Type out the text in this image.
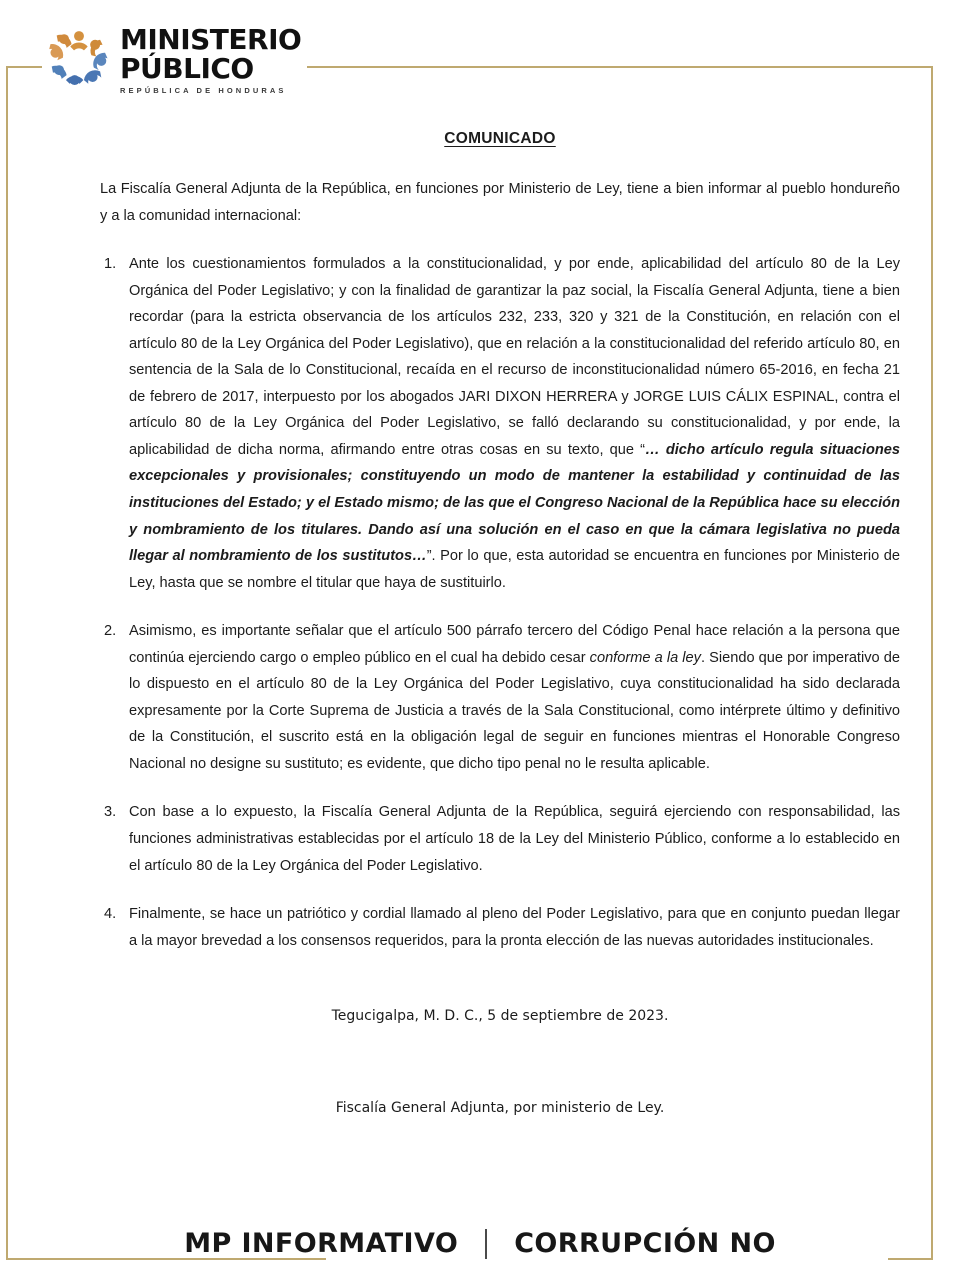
MINISTERIO
PÚBLICO
REPÚBLICA DE HONDURAS
COMUNICADO

La Fiscalía General Adjunta de la República, en funciones por Ministerio de Ley, tiene a bien informar al pueblo hondureño y a la comunidad internacional:

Ante los cuestionamientos formulados a la constitucionalidad, y por ende, aplicabilidad del artículo 80 de la Ley Orgánica del Poder Legislativo; y con la finalidad de garantizar la paz social, la Fiscalía General Adjunta, tiene a bien recordar (para la estricta observancia de los artículos 232, 233, 320 y 321 de la Constitución, en relación con el artículo 80 de la Ley Orgánica del Poder Legislativo), que en relación a la constitucionalidad del referido artículo 80, en sentencia de la Sala de lo Constitucional, recaída en el recurso de inconstitucionalidad número 65-2016, en fecha 21 de febrero de 2017, interpuesto por los abogados JARI DIXON HERRERA y JORGE LUIS CÁLIX ESPINAL, contra el artículo 80 de la Ley Orgánica del Poder Legislativo, se falló declarando su constitucionalidad, y por ende, la aplicabilidad de dicha norma, afirmando entre otras cosas en su texto, que “… dicho artículo regula situaciones excepcionales y provisionales; constituyendo un modo de mantener la estabilidad y continuidad de las instituciones del Estado; y el Estado mismo; de las que el Congreso Nacional de la República hace su elección y nombramiento de los titulares. Dando así una solución en el caso en que la cámara legislativa no pueda llegar al nombramiento de los sustitutos…”. Por lo que, esta autoridad se encuentra en funciones por Ministerio de Ley, hasta que se nombre el titular que haya de sustituirlo.
Asimismo, es importante señalar que el artículo 500 párrafo tercero del Código Penal hace relación a la persona que continúa ejerciendo cargo o empleo público en el cual ha debido cesar conforme a la ley. Siendo que por imperativo de lo dispuesto en el artículo 80 de la Ley Orgánica del Poder Legislativo, cuya constitucionalidad ha sido declarada expresamente por la Corte Suprema de Justicia a través de la Sala Constitucional, como intérprete último y definitivo de la Constitución, el suscrito está en la obligación legal de seguir en funciones mientras el Honorable Congreso Nacional no designe su sustituto; es evidente, que dicho tipo penal no le resulta aplicable.
Con base a lo expuesto, la Fiscalía General Adjunta de la República, seguirá ejerciendo con responsabilidad, las funciones administrativas establecidas por el artículo 18 de la Ley del Ministerio Público, conforme a lo establecido en el artículo 80 de la Ley Orgánica del Poder Legislativo.
Finalmente, se hace un patriótico y cordial llamado al pleno del Poder Legislativo, para que en conjunto puedan llegar a la mayor brevedad a los consensos requeridos, para la pronta elección de las nuevas autoridades institucionales.
Tegucigalpa, M. D. C., 5 de septiembre de 2023.
Fiscalía General Adjunta, por ministerio de Ley.
MP INFORMATIVO CORRUPCIÓN NO
